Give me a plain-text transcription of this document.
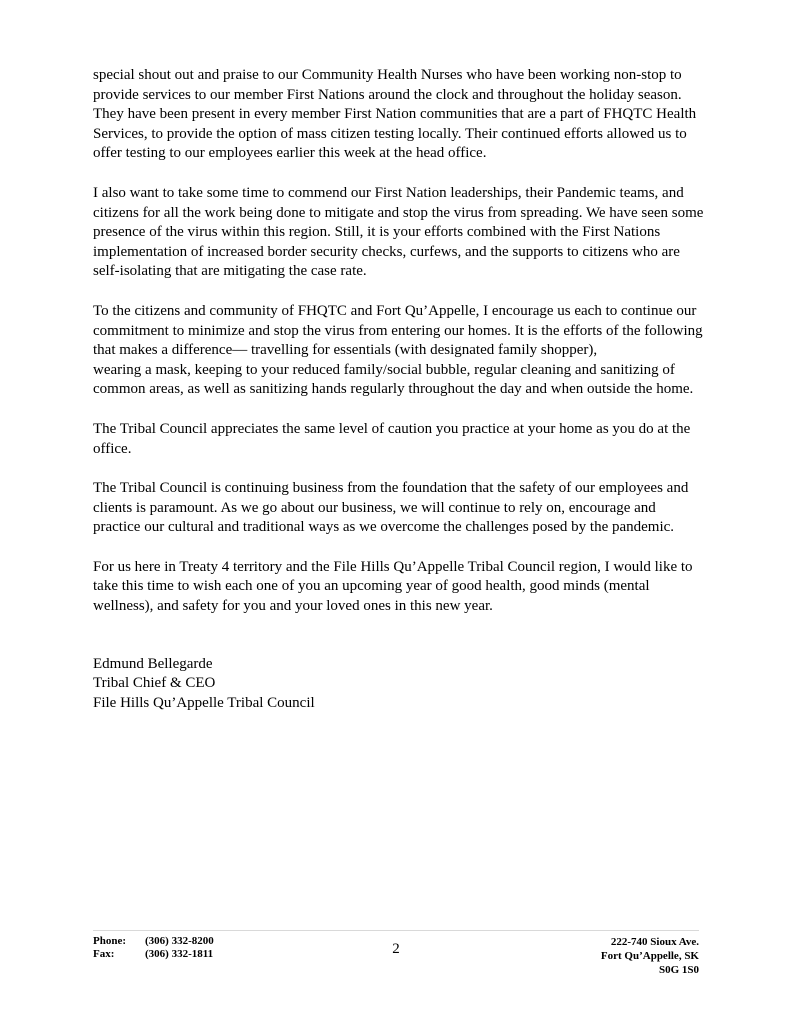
special shout out and praise to our Community Health Nurses who have been working non-stop to provide services to our member First Nations around the clock and throughout the holiday season. They have been present in every member First Nation communities that are a part of FHQTC Health Services, to provide the option of mass citizen testing locally. Their continued efforts allowed us to offer testing to our employees earlier this week at the head office.

I also want to take some time to commend our First Nation leaderships, their Pandemic teams, and citizens for all the work being done to mitigate and stop the virus from spreading. We have seen some presence of the virus within this region. Still, it is your efforts combined with the First Nations implementation of increased border security checks, curfews, and the supports to citizens who are self-isolating that are mitigating the case rate.

To the citizens and community of FHQTC and Fort Qu’Appelle, I encourage us each to continue our commitment to minimize and stop the virus from entering our homes. It is the efforts of the following that makes a difference— travelling for essentials (with designated family shopper),
wearing a mask, keeping to your reduced family/social bubble, regular cleaning and sanitizing of common areas, as well as sanitizing hands regularly throughout the day and when outside the home.

The Tribal Council appreciates the same level of caution you practice at your home as you do at the office.

The Tribal Council is continuing business from the foundation that the safety of our employees and clients is paramount. As we go about our business, we will continue to rely on, encourage and practice our cultural and traditional ways as we overcome the challenges posed by the pandemic.

For us here in Treaty 4 territory and the File Hills Qu’Appelle Tribal Council region, I would like to take this time to wish each one of you an upcoming year of good health, good minds (mental wellness), and safety for you and your loved ones in this new year.

Edmund Bellegarde
Tribal Chief & CEO
File Hills Qu’Appelle Tribal Council
Phone:	(306) 332-8200
Fax:	(306) 332-1811	2	222-740 Sioux Ave.
Fort Qu’Appelle, SK
S0G 1S0
